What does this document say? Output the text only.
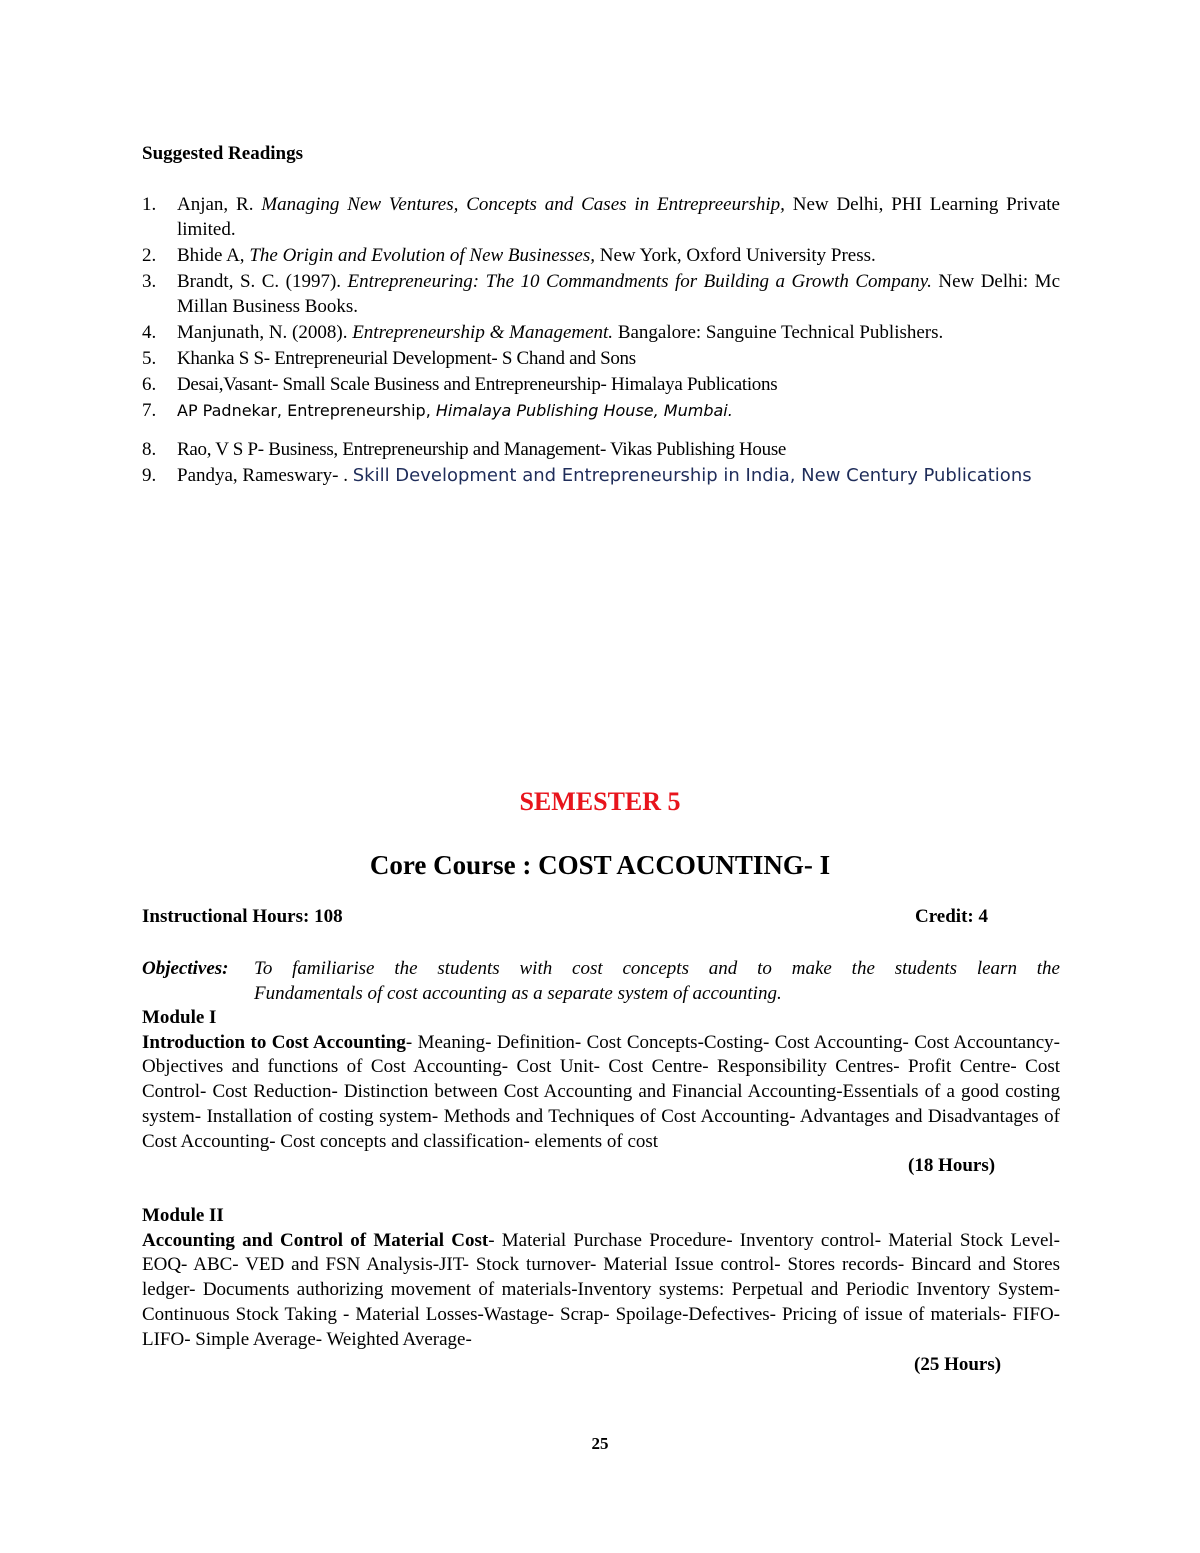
Suggested Readings
1.	Anjan, R. Managing New Ventures, Concepts and Cases in Entrepreeurship, New Delhi, PHI Learning Private limited.
2.	Bhide A, The Origin and Evolution of New Businesses, New York, Oxford University Press.
3.	Brandt, S. C. (1997). Entrepreneuring: The 10 Commandments for Building a Growth Company. New Delhi: Mc Millan Business Books.
4.	Manjunath, N. (2008). Entrepreneurship & Management. Bangalore: Sanguine Technical Publishers.
5.	Khanka S S- Entrepreneurial Development- S Chand and Sons
6.	Desai,Vasant- Small Scale Business and Entrepreneurship- Himalaya Publications
7.	AP Padnekar, Entrepreneurship, Himalaya Publishing House, Mumbai.
8.	Rao, V S P- Business, Entrepreneurship and Management- Vikas Publishing House
9.	Pandya, Rameswary- . Skill Development and Entrepreneurship in India, New Century Publications
SEMESTER 5
Core Course : COST ACCOUNTING- I
Instructional Hours: 108	Credit: 4
Objectives: To familiarise the students with cost concepts and to make the students learn the
Fundamentals of cost accounting as a separate system of accounting.
Module I
Introduction to Cost Accounting- Meaning- Definition- Cost Concepts-Costing- Cost Accounting- Cost Accountancy- Objectives and functions of Cost Accounting- Cost Unit- Cost Centre- Responsibility Centres- Profit Centre- Cost Control- Cost Reduction- Distinction between Cost Accounting and Financial Accounting-Essentials of a good costing system- Installation of costing system- Methods and Techniques of Cost Accounting- Advantages and Disadvantages of Cost Accounting- Cost concepts and classification- elements of cost
(18 Hours)
Module II
Accounting and Control of Material Cost- Material Purchase Procedure- Inventory control- Material Stock Level-EOQ- ABC- VED and FSN Analysis-JIT- Stock turnover- Material Issue control- Stores records- Bincard and Stores ledger- Documents authorizing movement of materials-Inventory systems: Perpetual and Periodic Inventory System-Continuous Stock Taking - Material Losses-Wastage- Scrap- Spoilage-Defectives- Pricing of issue of materials- FIFO- LIFO- Simple Average- Weighted Average-
(25 Hours)
25
